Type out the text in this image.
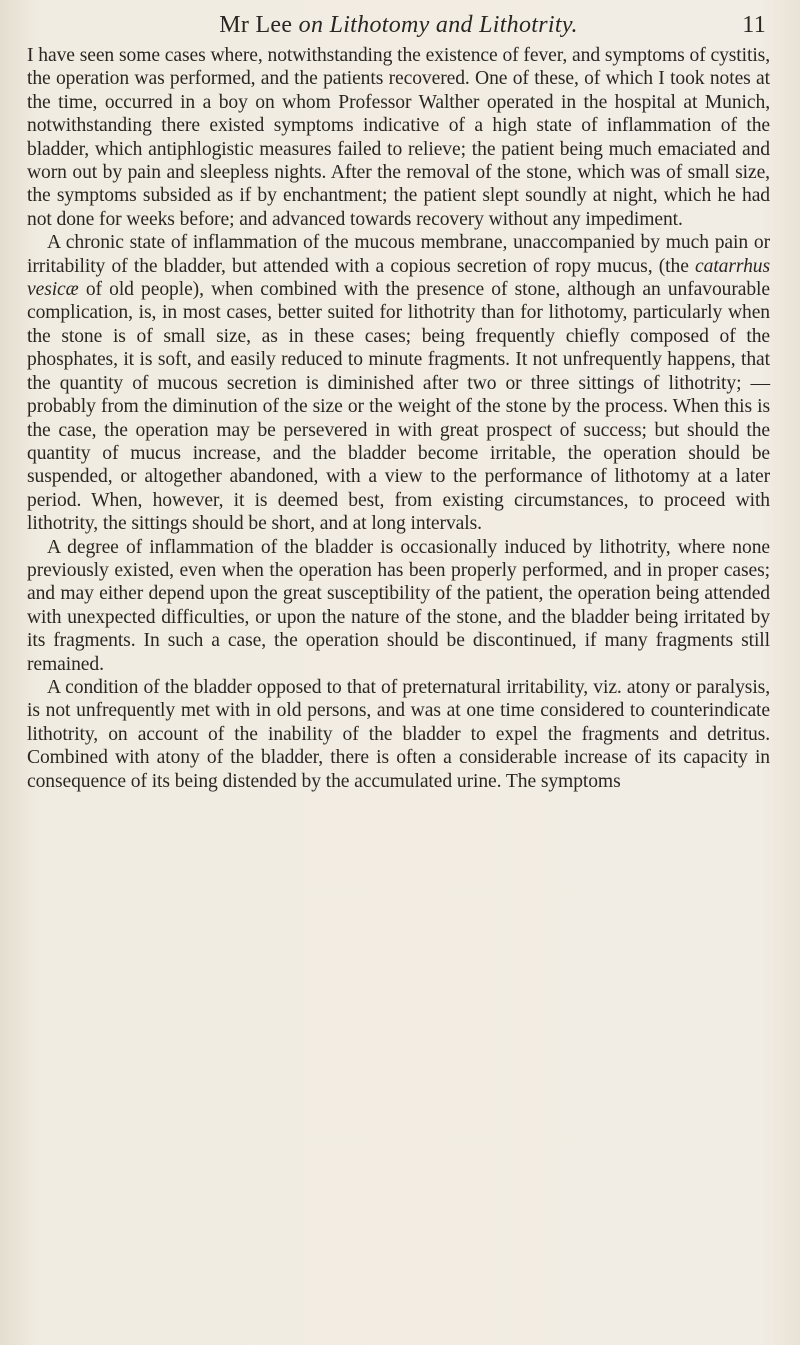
Mr Lee on Lithotomy and Lithotrity.	11

I have seen some cases where, notwithstanding the existence of fever, and symptoms of cystitis, the operation was performed, and the patients recovered. One of these, of which I took notes at the time, occurred in a boy on whom Professor Walther operated in the hospital at Munich, notwithstanding there existed symptoms indicative of a high state of inflammation of the bladder, which antiphlogistic measures failed to relieve; the patient being much emaciated and worn out by pain and sleepless nights. After the removal of the stone, which was of small size, the symptoms subsided as if by enchantment; the patient slept soundly at night, which he had not done for weeks before; and advanced towards recovery without any impediment.

A chronic state of inflammation of the mucous membrane, unaccompanied by much pain or irritability of the bladder, but attended with a copious secretion of ropy mucus, (the catarrhus vesicæ of old people), when combined with the presence of stone, although an unfavourable complication, is, in most cases, better suited for lithotrity than for lithotomy, particularly when the stone is of small size, as in these cases; being frequently chiefly composed of the phosphates, it is soft, and easily reduced to minute fragments. It not unfrequently happens, that the quantity of mucous secretion is diminished after two or three sittings of lithotrity; —probably from the diminution of the size or the weight of the stone by the process. When this is the case, the operation may be persevered in with great prospect of success; but should the quantity of mucus increase, and the bladder become irritable, the operation should be suspended, or altogether abandoned, with a view to the performance of lithotomy at a later period. When, however, it is deemed best, from existing circumstances, to proceed with lithotrity, the sittings should be short, and at long intervals.

A degree of inflammation of the bladder is occasionally induced by lithotrity, where none previously existed, even when the operation has been properly performed, and in proper cases; and may either depend upon the great susceptibility of the patient, the operation being attended with unexpected difficulties, or upon the nature of the stone, and the bladder being irritated by its fragments. In such a case, the operation should be discontinued, if many fragments still remained.

A condition of the bladder opposed to that of preternatural irritability, viz. atony or paralysis, is not unfrequently met with in old persons, and was at one time considered to counterindicate lithotrity, on account of the inability of the bladder to expel the fragments and detritus. Combined with atony of the bladder, there is often a considerable increase of its capacity in consequence of its being distended by the accumulated urine. The symptoms
